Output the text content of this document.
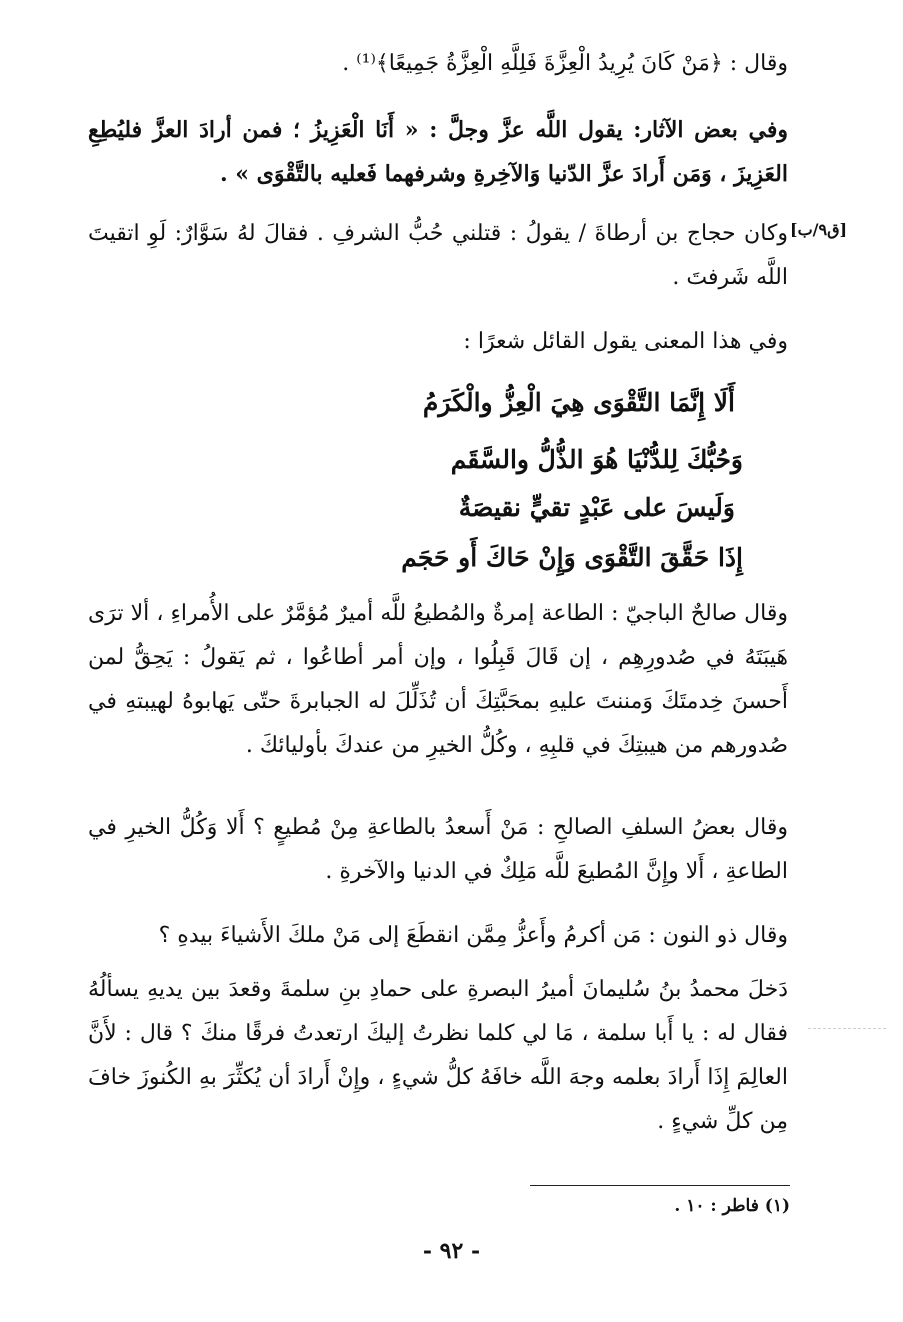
وقال : ﴿مَنْ كَانَ يُرِيدُ الْعِزَّةَ فَلِلَّهِ الْعِزَّةُ جَمِيعًا﴾⁽¹⁾ .

وفي بعض الآثار: يقول اللَّه عزَّ وجلَّ : « أَنَا الْعَزِيزُ ؛ فمن أرادَ العزَّ فليُطِعِ العَزِيزَ ، وَمَن أَرادَ عزَّ الدّنيا وَالآخِرةِ وشرفهما فَعليه بالتَّقْوَى » .

[ق٩/ب]

وكان حجاج بن أرطاةَ / يقولُ : قتلني حُبُّ الشرفِ . فقالَ لهُ سَوَّارٌ: لَوِ اتقيتَ اللَّه شَرفتَ .

وفي هذا المعنى يقول القائل شعرًا :

أَلَا إِنَّمَا التَّقْوَى هِيَ الْعِزُّ والْكَرَمُ
وَحُبُّكَ لِلدُّنْيَا هُوَ الذُّلُّ والسَّقَم
وَلَيسَ على عَبْدٍ تقيٍّ نقيصَةٌ
إِذَا حَقَّقَ التَّقْوَى وَإِنْ حَاكَ أَو حَجَم

وقال صالحٌ الباجيّ : الطاعة إمرةٌ والمُطيعُ للَّه أميرٌ مُؤمَّرٌ على الأُمراءِ ، ألا ترَى هَيبَتَهُ في صُدورِهِم ، إن قَالَ قَبِلُوا ، وإن أمر أطاعُوا ، ثم يَقولُ : يَحِقُّ لمن أَحسنَ خِدمتَكَ وَمننتَ عليهِ بمحَبَّتِكَ أن تُذَلِّلَ له الجبابرةَ حتّى يَهابوهُ لهيبتهِ في صُدورهم من هيبتِكَ في قلبِهِ ، وكُلُّ الخيرِ من عندكَ بأوليائكَ .

وقال بعضُ السلفِ الصالحِ : مَنْ أَسعدُ بالطاعةِ مِنْ مُطيعٍ ؟ أَلا وَكُلُّ الخيرِ في الطاعةِ ، أَلا وإِنَّ المُطيعَ للَّه مَلِكٌ في الدنيا والآخرةِ .

وقال ذو النون : مَن أكرمُ وأَعزُّ مِمَّن انقطَعَ إلى مَنْ ملكَ الأَشياءَ بيدهِ ؟

دَخلَ محمدُ بنُ سُليمانَ أميرُ البصرةِ على حمادِ بنِ سلمةَ وقعدَ بين يديهِ يسألُهُ فقال له : يا أَبا سلمة ، مَا لي كلما نظرتُ إليكَ ارتعدتُ فرقًا منكَ ؟ قال : لأَنَّ العالِمَ إِذَا أَرادَ بعلمه وجهَ اللَّه خافَهُ كلُّ شيءٍ ، وإِنْ أَرادَ أن يُكثِّرَ بهِ الكُنوزَ خافَ مِن كلِّ شيءٍ .

(١) فاطر : ١٠ .
- ٩٢ -
